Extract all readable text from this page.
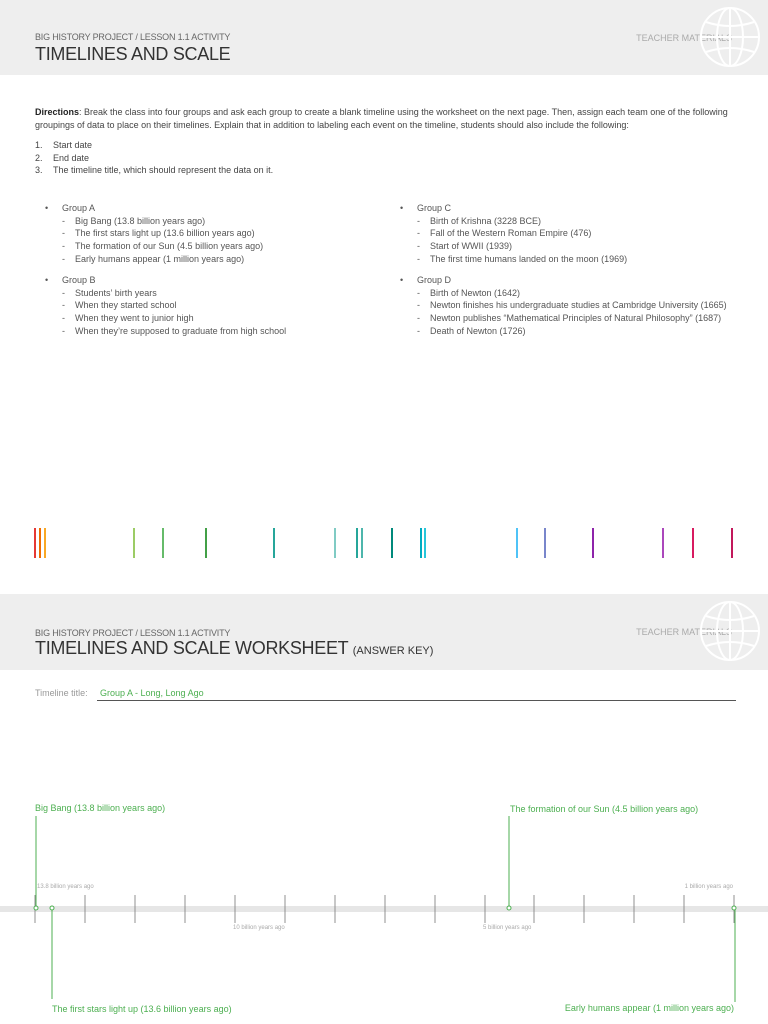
BIG HISTORY PROJECT / LESSON 1.1 ACTIVITY
TIMELINES AND SCALE
TEACHER MATERIALS
Directions: Break the class into four groups and ask each group to create a blank timeline using the worksheet on the next page. Then, assign each team one of the following groupings of data to place on their timelines. Explain that in addition to labeling each event on the timeline, students should also include the following:
1. Start date
2. End date
3. The timeline title, which should represent the data on it.
• Group A
- Big Bang (13.8 billion years ago)
- The first stars light up (13.6 billion years ago)
- The formation of our Sun (4.5 billion years ago)
- Early humans appear (1 million years ago)
• Group B
- Students’ birth years
- When they started school
- When they went to junior high
- When they’re supposed to graduate from high school
• Group C
- Birth of Krishna (3228 BCE)
- Fall of the Western Roman Empire (476)
- Start of WWII (1939)
- The first time humans landed on the moon (1969)
• Group D
- Birth of Newton (1642)
- Newton finishes his undergraduate studies at Cambridge University (1665)
- Newton publishes “Mathematical Principles of Natural Philosophy” (1687)
- Death of Newton (1726)
BIG HISTORY PROJECT / LESSON 1.1 ACTIVITY
TIMELINES AND SCALE WORKSHEET (ANSWER KEY)
TEACHER MATERIALS
Timeline title:	Group A - Long, Long Ago
Big Bang (13.8 billion years ago)	The formation of our Sun (4.5 billion years ago)
The first stars light up (13.6 billion years ago)	Early humans appear (1 million years ago)
13.8 billion years ago	1 billion years ago
10 billion years ago	5 billion years ago
